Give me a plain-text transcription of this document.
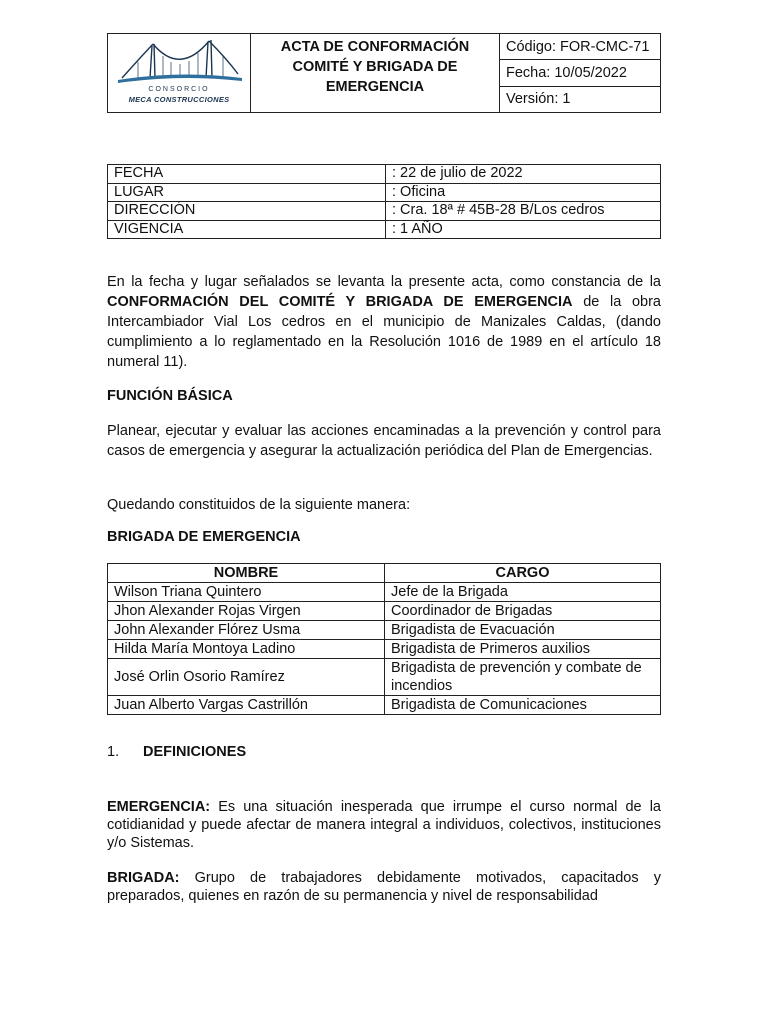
CONSORCIO
MECA CONSTRUCCIONES
ACTA DE CONFORMACIÓN
COMITÉ Y BRIGADA DE
EMERGENCIA
Código: FOR-CMC-71
Fecha: 10/05/2022
Versión: 1
FECHA	: 22 de julio de 2022
LUGAR	: Oficina
DIRECCIÓN	: Cra. 18ª # 45B-28 B/Los cedros
VIGENCIA	: 1 AÑO
En la fecha y lugar señalados se levanta la presente acta, como constancia de la CONFORMACIÓN DEL COMITÉ Y BRIGADA DE EMERGENCIA de la obra Intercambiador Vial Los cedros en el municipio de Manizales Caldas, (dando cumplimiento a lo reglamentado en la Resolución 1016 de 1989 en el artículo 18 numeral 11).
FUNCIÓN BÁSICA
Planear, ejecutar y evaluar las acciones encaminadas a la prevención y control para casos de emergencia y asegurar la actualización periódica del Plan de Emergencias.
Quedando constituidos de la siguiente manera:
BRIGADA DE EMERGENCIA
NOMBRE	CARGO
Wilson Triana Quintero	Jefe de la Brigada
Jhon Alexander Rojas Virgen	Coordinador de Brigadas
John Alexander Flórez Usma	Brigadista de Evacuación
Hilda María Montoya Ladino	Brigadista de Primeros auxilios
José Orlin Osorio Ramírez	Brigadista de prevención y combate de incendios
Juan Alberto Vargas Castrillón	Brigadista de Comunicaciones
1. DEFINICIONES
EMERGENCIA: Es una situación inesperada que irrumpe el curso normal de la cotidianidad y puede afectar de manera integral a individuos, colectivos, instituciones y/o Sistemas.
BRIGADA: Grupo de trabajadores debidamente motivados, capacitados y preparados, quienes en razón de su permanencia y nivel de responsabilidad
